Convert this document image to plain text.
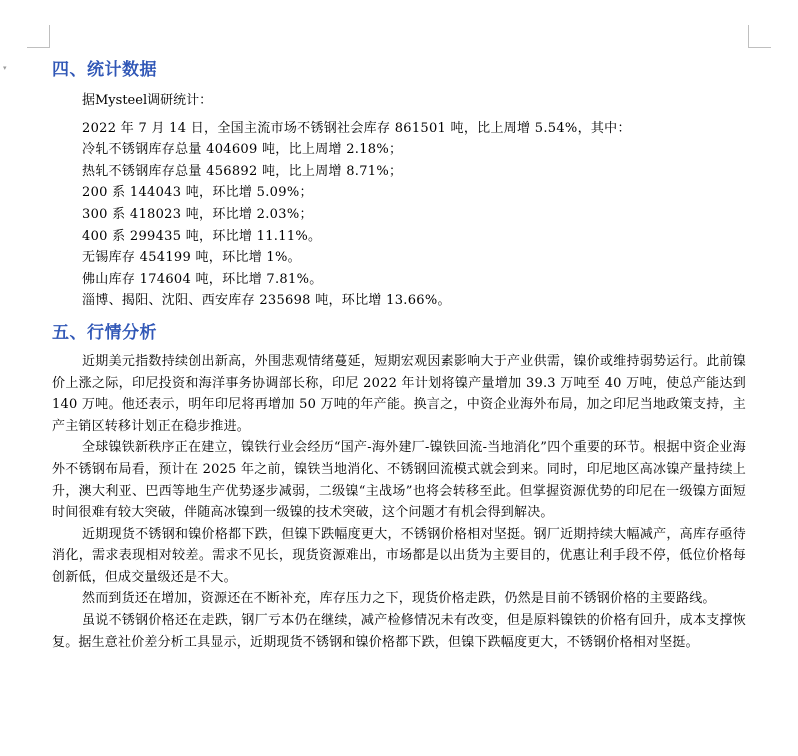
▾	四、统计数据
据Mysteel调研统计：
2022 年 7 月 14 日，全国主流市场不锈钢社会库存 861501 吨，比上周增 5.54%，其中：
冷轧不锈钢库存总量 404609 吨，比上周增 2.18%；
热轧不锈钢库存总量 456892 吨，比上周增 8.71%；
200 系 144043 吨，环比增 5.09%；
300 系 418023 吨，环比增 2.03%；
400 系 299435 吨，环比增 11.11%。
无锡库存 454199 吨，环比增 1%。
佛山库存 174604 吨，环比增 7.81%。
淄博、揭阳、沈阳、西安库存 235698 吨，环比增 13.66%。
五、行情分析

近期美元指数持续创出新高，外围悲观情绪蔓延，短期宏观因素影响大于产业供需，镍价或维持弱势运行。此前镍价上涨之际，印尼投资和海洋事务协调部长称，印尼 2022 年计划将镍产量增加 39.3 万吨至 40 万吨，使总产能达到 140 万吨。他还表示，明年印尼将再增加 50 万吨的年产能。换言之，中资企业海外布局，加之印尼当地政策支持，主产主销区转移计划正在稳步推进。

全球镍铁新秩序正在建立，镍铁行业会经历“国产-海外建厂-镍铁回流-当地消化”四个重要的环节。根据中资企业海外不锈钢布局看，预计在 2025 年之前，镍铁当地消化、不锈钢回流模式就会到来。同时，印尼地区高冰镍产量持续上升，澳大利亚、巴西等地生产优势逐步减弱，二级镍“主战场”也将会转移至此。但掌握资源优势的印尼在一级镍方面短时间很难有较大突破，伴随高冰镍到一级镍的技术突破，这个问题才有机会得到解决。

近期现货不锈钢和镍价格都下跌，但镍下跌幅度更大，不锈钢价格相对坚挺。钢厂近期持续大幅减产，高库存亟待消化，需求表现相对较差。需求不见长，现货资源难出，市场都是以出货为主要目的，优惠让利手段不停，低位价格每创新低，但成交量级还是不大。

然而到货还在增加，资源还在不断补充，库存压力之下，现货价格走跌，仍然是目前不锈钢价格的主要路线。

虽说不锈钢价格还在走跌，钢厂亏本仍在继续，减产检修情况未有改变，但是原料镍铁的价格有回升，成本支撑恢复。据生意社价差分析工具显示，近期现货不锈钢和镍价格都下跌，但镍下跌幅度更大，不锈钢价格相对坚挺。
